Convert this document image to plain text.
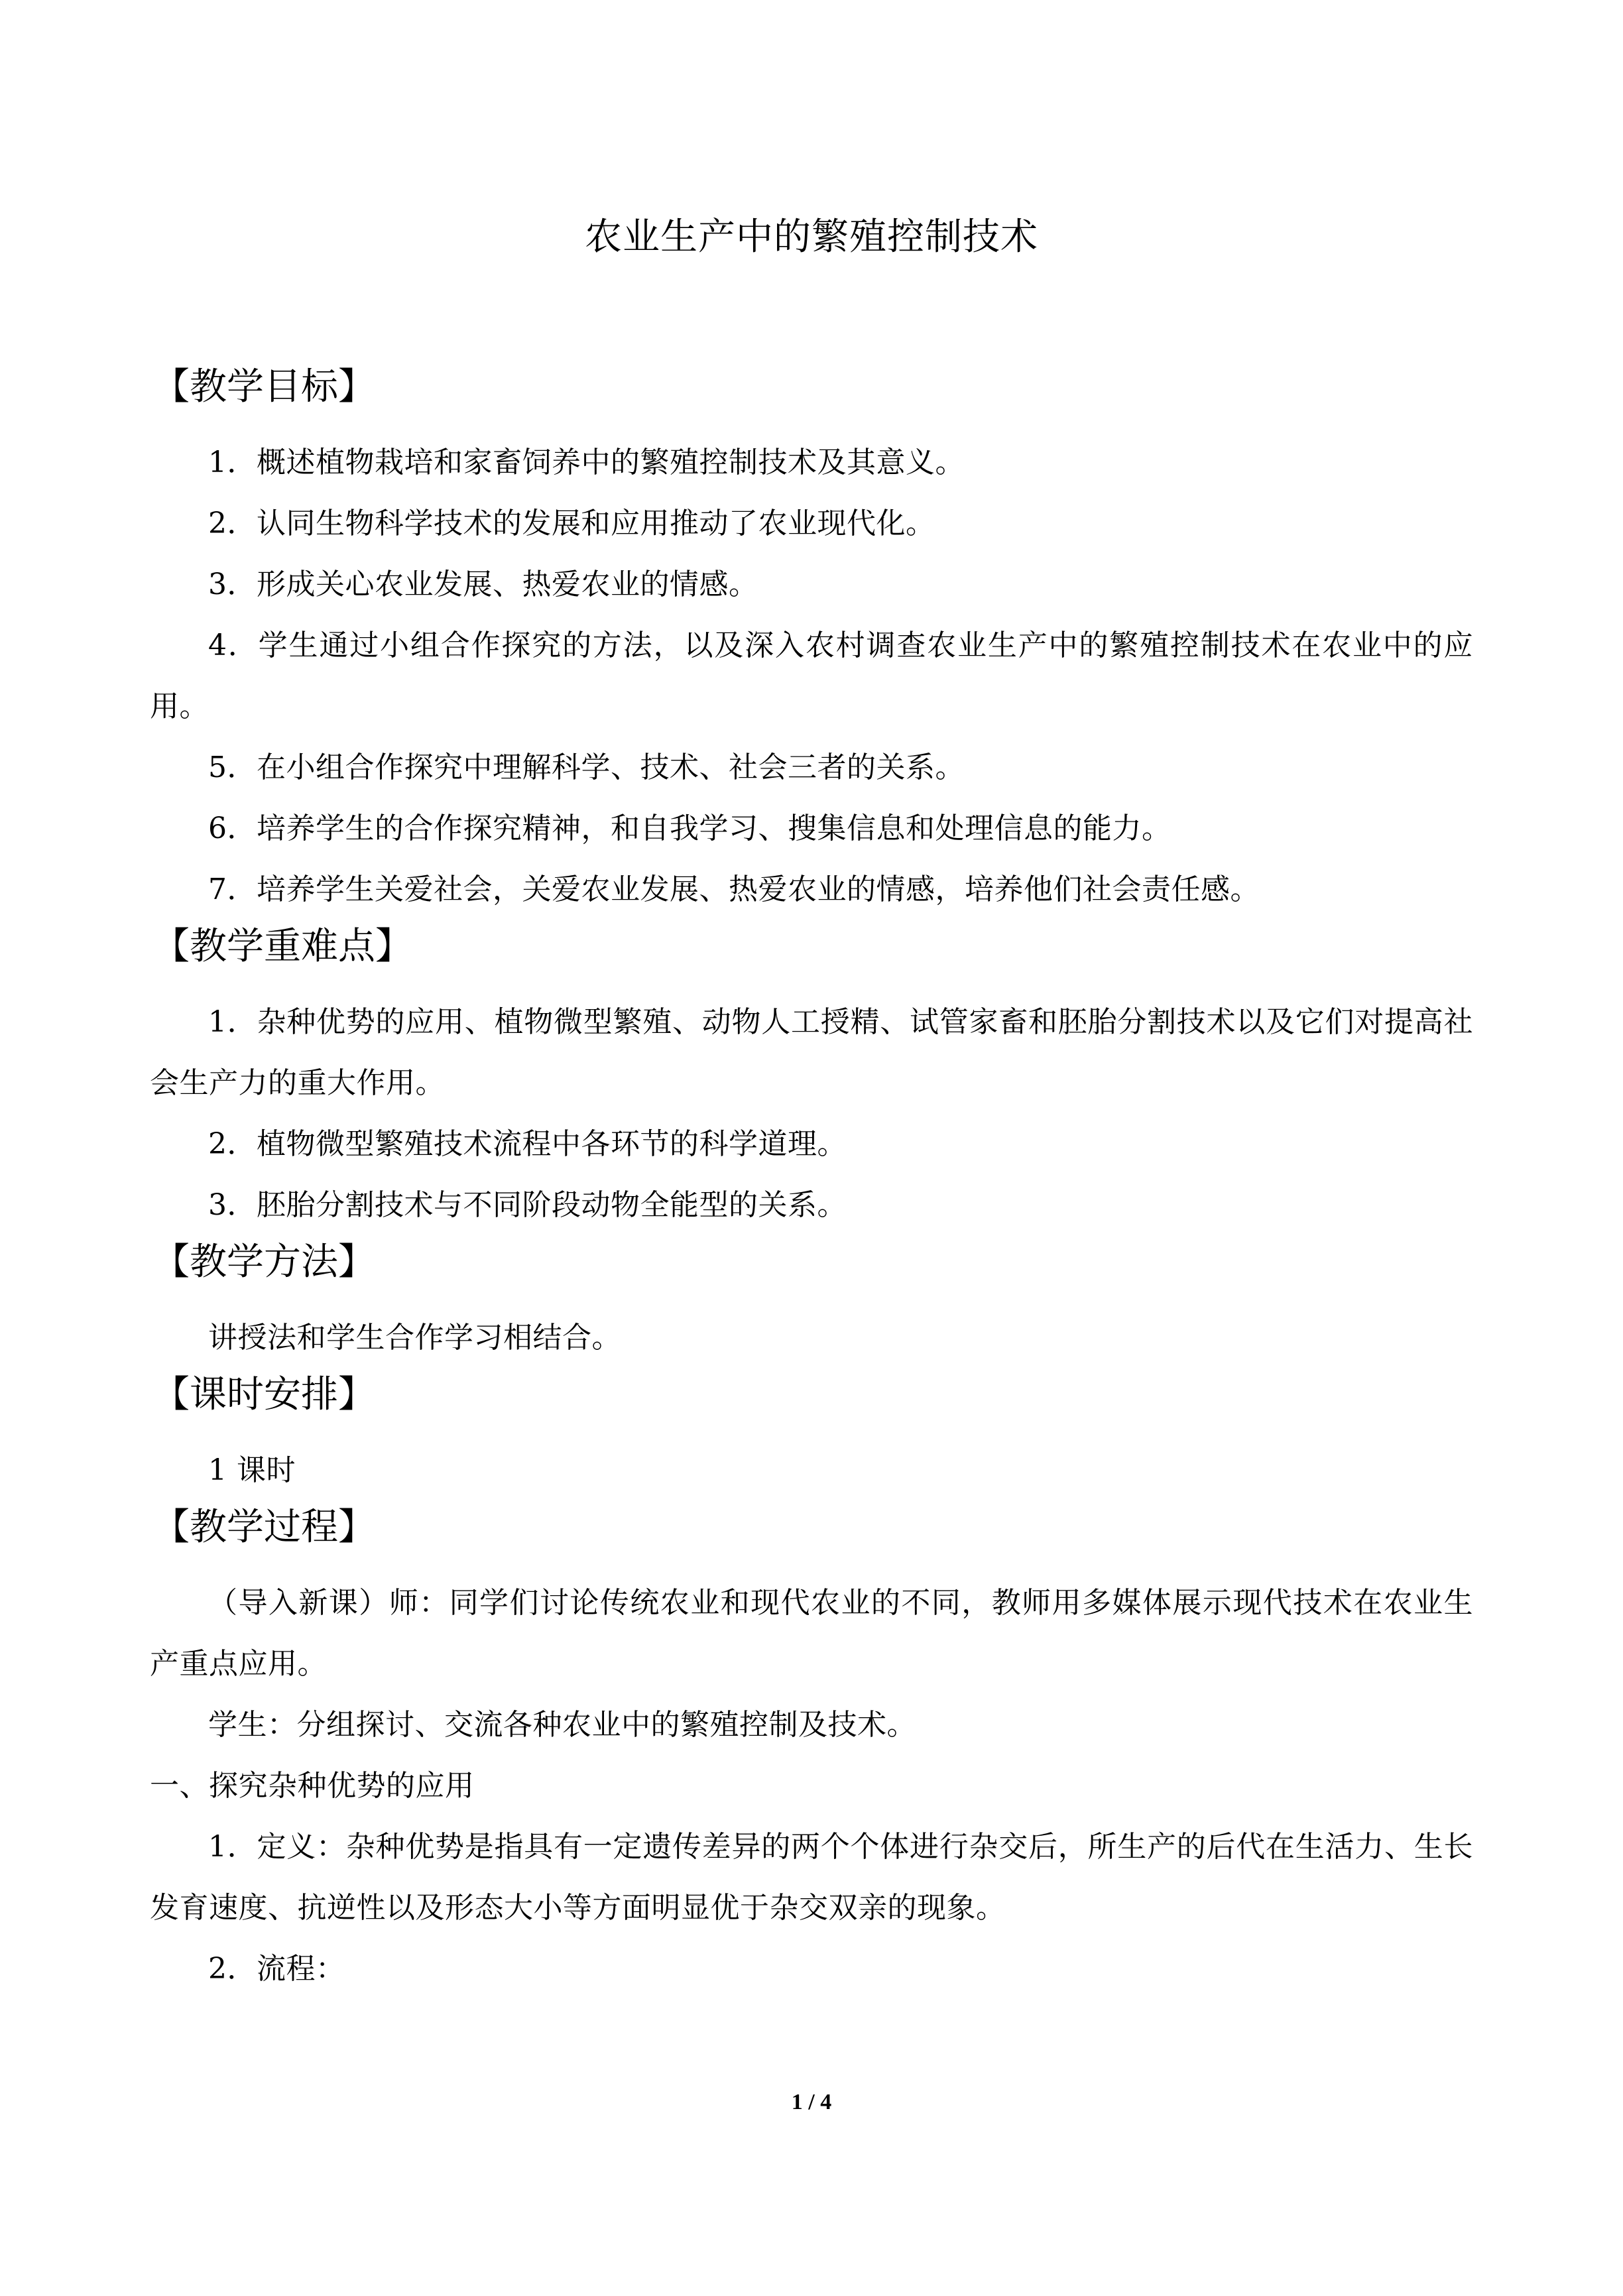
农业生产中的繁殖控制技术
【教学目标】

1．概述植物栽培和家畜饲养中的繁殖控制技术及其意义。

2．认同生物科学技术的发展和应用推动了农业现代化。

3．形成关心农业发展、热爱农业的情感。

4．学生通过小组合作探究的方法，以及深入农村调查农业生产中的繁殖控制技术在农业中的应用。

5．在小组合作探究中理解科学、技术、社会三者的关系。

6．培养学生的合作探究精神，和自我学习、搜集信息和处理信息的能力。

7．培养学生关爱社会，关爱农业发展、热爱农业的情感，培养他们社会责任感。

【教学重难点】

1．杂种优势的应用、植物微型繁殖、动物人工授精、试管家畜和胚胎分割技术以及它们对提高社会生产力的重大作用。

2．植物微型繁殖技术流程中各环节的科学道理。

3．胚胎分割技术与不同阶段动物全能型的关系。

【教学方法】

讲授法和学生合作学习相结合。

【课时安排】

1 课时

【教学过程】

（导入新课）师：同学们讨论传统农业和现代农业的不同，教师用多媒体展示现代技术在农业生产重点应用。

学生：分组探讨、交流各种农业中的繁殖控制及技术。

一、探究杂种优势的应用

1．定义：杂种优势是指具有一定遗传差异的两个个体进行杂交后，所生产的后代在生活力、生长发育速度、抗逆性以及形态大小等方面明显优于杂交双亲的现象。

2．流程：

1 / 4
